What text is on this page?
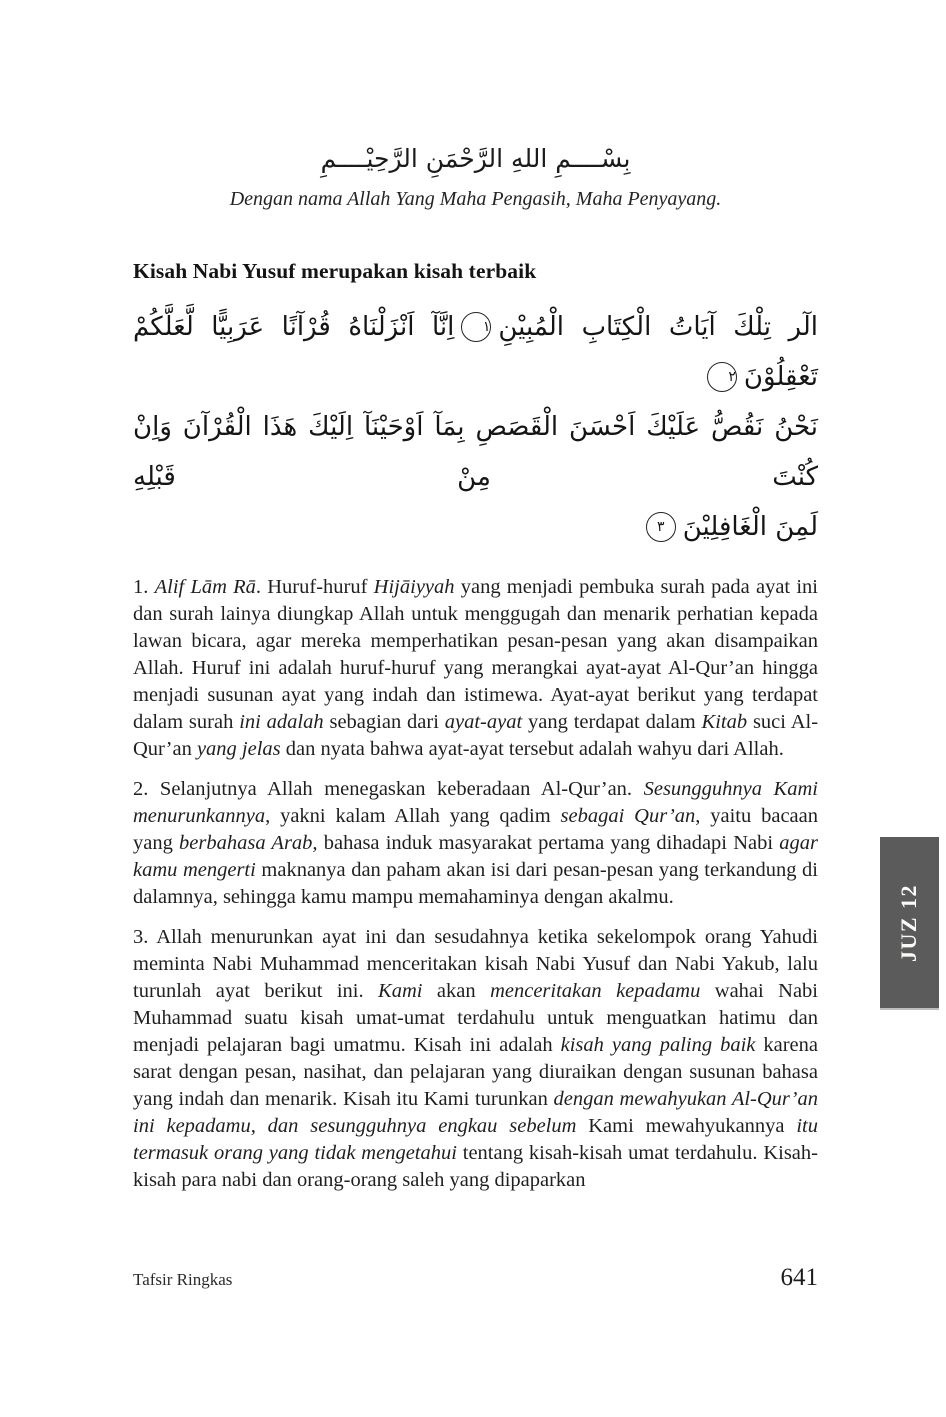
بِسْــــمِ اللهِ الرَّحْمَنِ الرَّحِيْــــمِ
Dengan nama Allah Yang Maha Pengasih, Maha Penyayang.
Kisah Nabi Yusuf merupakan kisah terbaik
الٓر تِلْكَ آيَاتُ الْكِتَابِ الْمُبِيْنِ١اِنَّآ اَنْزَلْنَاهُ قُرْآنًا عَرَبِيًّا لَّعَلَّكُمْ تَعْقِلُوْنَ٢
نَحْنُ نَقُصُّ عَلَيْكَ اَحْسَنَ الْقَصَصِ بِمَآ اَوْحَيْنَآ اِلَيْكَ هَذَا الْقُرْآنَ وَاِنْ كُنْتَ مِنْ قَبْلِهِ
لَمِنَ الْغَافِلِيْنَ٣

1. Alif Lām Rā. Huruf-huruf Hijāiyyah yang menjadi pembuka surah pada ayat ini dan surah lainya diungkap Allah untuk menggugah dan menarik perhatian kepada lawan bicara, agar mereka memperhatikan pesan-pesan yang akan disampaikan Allah. Huruf ini adalah huruf-huruf yang merangkai ayat-ayat Al-Qur’an hingga menjadi susunan ayat yang indah dan istimewa. Ayat-ayat berikut yang terdapat dalam surah ini adalah sebagian dari ayat-ayat yang terdapat dalam Kitab suci Al-Qur’an yang jelas dan nyata bahwa ayat-ayat tersebut adalah wahyu dari Allah.

2. Selanjutnya Allah menegaskan keberadaan Al-Qur’an. Sesungguhnya Kami menurunkannya, yakni kalam Allah yang qadim sebagai Qur’an, yaitu bacaan yang berbahasa Arab, bahasa induk masyarakat pertama yang dihadapi Nabi agar kamu mengerti maknanya dan paham akan isi dari pesan-pesan yang terkandung di dalamnya, sehingga kamu mampu memahaminya dengan akalmu.

3. Allah menurunkan ayat ini dan sesudahnya ketika sekelompok orang Yahudi meminta Nabi Muhammad menceritakan kisah Nabi Yusuf dan Nabi Yakub, lalu turunlah ayat berikut ini. Kami akan menceritakan kepadamu wahai Nabi Muhammad suatu kisah umat-umat terdahulu untuk menguatkan hatimu dan menjadi pelajaran bagi umatmu. Kisah ini adalah kisah yang paling baik karena sarat dengan pesan, nasihat, dan pelajaran yang diuraikan dengan susunan bahasa yang indah dan menarik. Kisah itu Kami turunkan dengan mewahyukan Al-Qur’an ini kepadamu, dan sesungguhnya engkau sebelum Kami mewahyukannya itu termasuk orang yang tidak mengetahui tentang kisah-kisah umat terdahulu. Kisah-kisah para nabi dan orang-orang saleh yang dipaparkan

JUZ 12
Tafsir Ringkas	641
